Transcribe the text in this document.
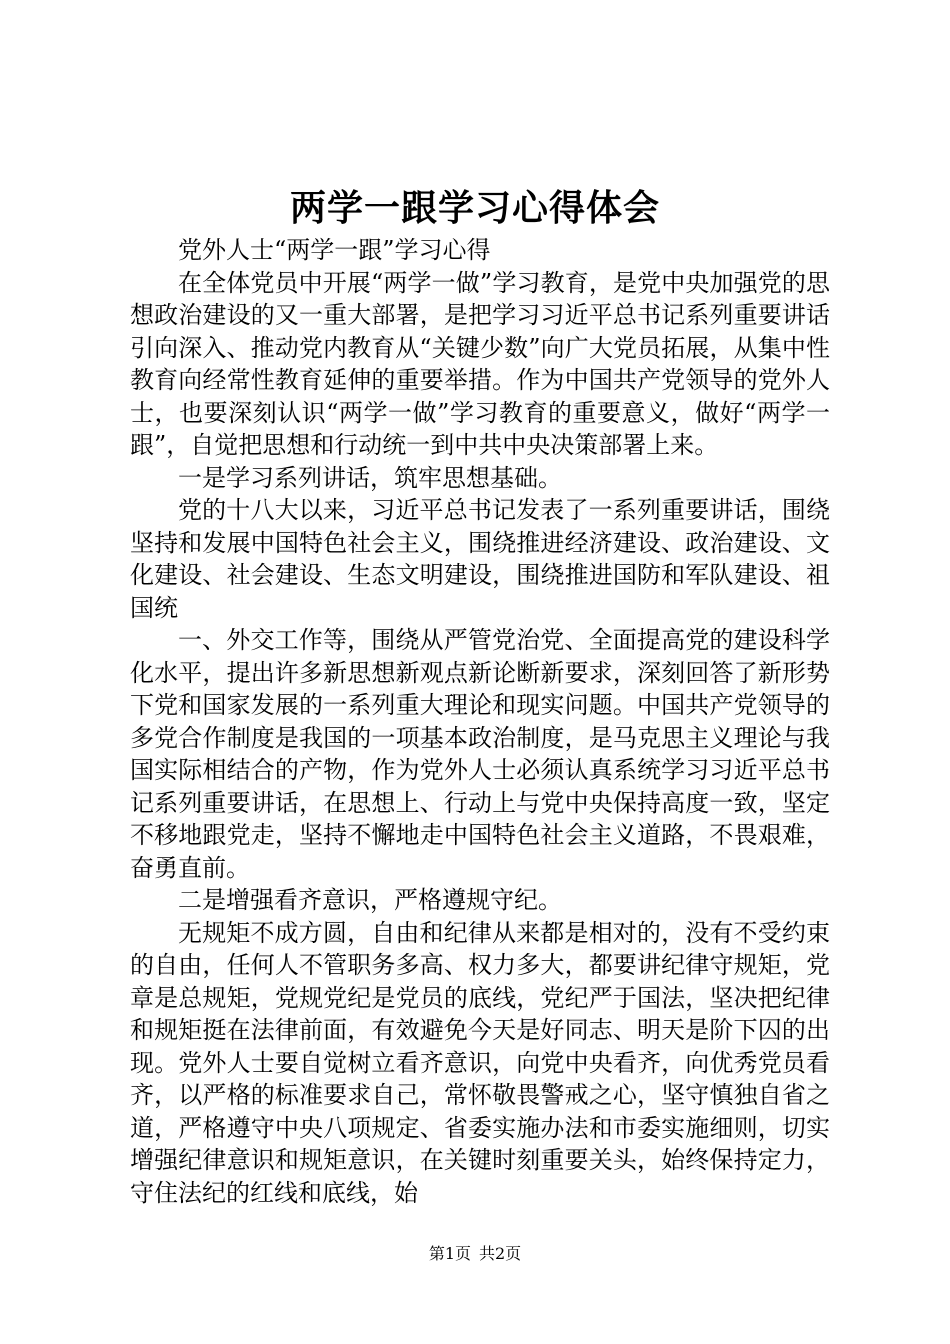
两学一跟学习心得体会

党外人士“两学一跟”学习心得

在全体党员中开展“两学一做”学习教育，是党中央加强党的思想政治建设的又一重大部署，是把学习习近平总书记系列重要讲话引向深入、推动党内教育从“关键少数”向广大党员拓展，从集中性教育向经常性教育延伸的重要举措。作为中国共产党领导的党外人士，也要深刻认识“两学一做”学习教育的重要意义，做好“两学一跟”，自觉把思想和行动统一到中共中央决策部署上来。

一是学习系列讲话，筑牢思想基础。

党的十八大以来，习近平总书记发表了一系列重要讲话，围绕坚持和发展中国特色社会主义，围绕推进经济建设、政治建设、文化建设、社会建设、生态文明建设，围绕推进国防和军队建设、祖国统

一、外交工作等，围绕从严管党治党、全面提高党的建设科学化水平，提出许多新思想新观点新论断新要求，深刻回答了新形势下党和国家发展的一系列重大理论和现实问题。中国共产党领导的多党合作制度是我国的一项基本政治制度，是马克思主义理论与我国实际相结合的产物，作为党外人士必须认真系统学习习近平总书记系列重要讲话，在思想上、行动上与党中央保持高度一致，坚定不移地跟党走，坚持不懈地走中国特色社会主义道路，不畏艰难，奋勇直前。

二是增强看齐意识，严格遵规守纪。

无规矩不成方圆，自由和纪律从来都是相对的，没有不受约束的自由，任何人不管职务多高、权力多大，都要讲纪律守规矩，党章是总规矩，党规党纪是党员的底线，党纪严于国法，坚决把纪律和规矩挺在法律前面，有效避免今天是好同志、明天是阶下囚的出现。党外人士要自觉树立看齐意识，向党中央看齐，向优秀党员看齐，以严格的标准要求自己，常怀敬畏警戒之心，坚守慎独自省之道，严格遵守中央八项规定、省委实施办法和市委实施细则，切实增强纪律意识和规矩意识，在关键时刻重要关头，始终保持定力，守住法纪的红线和底线，始

第1页 共2页
